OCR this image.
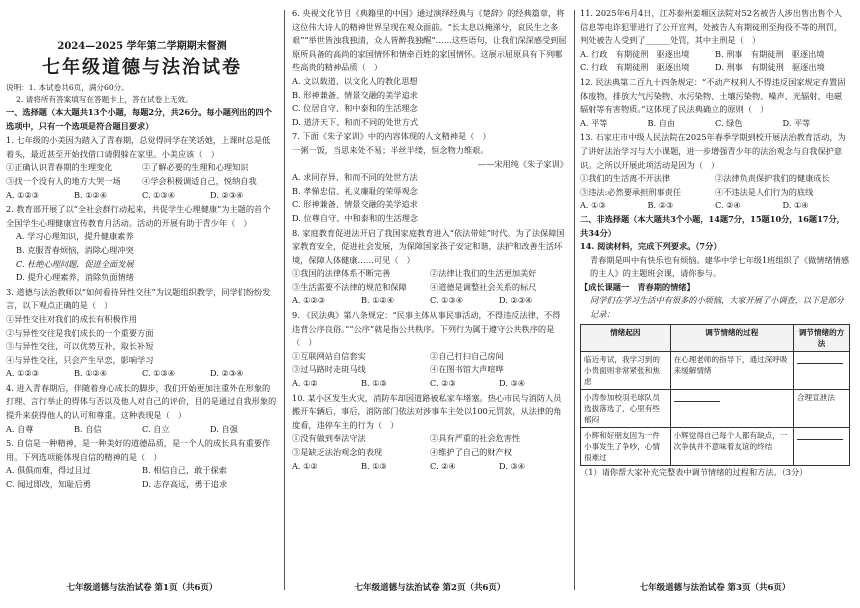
2024—2025 学年第二学期期末督测
七年级道德与法治试卷
说明：1. 本试卷共6页，满分60分。
2. 请将所有答案填写在答题卡上，答在试卷上无效。
一、选择题（本大题共13个小题，每题2分，共26分。每小题列出的四个选项中，只有一个选项是符合题目要求）
1. 七年级的小美因为踏入了青春期，总觉得同学在笑话她，上课时总是低着头，最近甚至开始找借口请假躲在家里。小美应该（　）
①正确认识青春期的生理变化	②了解必要的生理和心理知识
③找一个没有人的地方大哭一场	④学会积极调适自己，悦纳自我
A. ①②③	B. ①②④	C. ①③④	D. ②③④
2. 教育部开展了以“全社会群行动起来，共促学生心理健康”为主题的首个全国学生心理健康宣传教育月活动。活动的开展有助于青少年（　）
A. 学习心理知识，提升健康素养
B. 克服青春烦恼，消除心理冲突
C. 杜绝心理问题，促进全面发展
D. 提升心理素养，消除负面情绪
3. 道德与法治教师以“如何看待异性交往”为议题组织教学，同学们纷纷发言，以下观点正确的是（　）
①异性交往对我们的成长有积极作用
②与异性交往是我们成长的一个重要方面
③与异性交往，可以优势互补，取长补短
④与异性交往，只会产生早恋，影响学习
A. ①②③	B. ①②④	C. ①③④	D. ②③④
4. 进入青春期后，伴随着身心成长的脚步，我们开始更加注重外在形象的打理、言行举止的得体与否以及他人对自己的评价，目的是通过自我形象的提升来获得他人的认可和尊重。这种表现是（　）
A. 自尊	B. 自信	C. 自立	D. 自强
5. 自信是一种精神，是一种美好的道德品质，是一个人的成长具有重要作用。下列选项能体现自信的精神的是（　）
A. 俱俱而难，得过且过	B. 相信自己，敢于探索
C. 闻过即改，知耻后勇	D. 志存高远，勇于追求
七年级道德与法治试卷 第1页（共6页）
6. 央视文化节目《典籍里的中国》通过演绎经典与《楚辞》的经典篇章，将这位伟大诗人的精神世界呈现在观众面前。“长太息以掩涕兮，哀民生之多艰”“举世皆浊我独清，众人皆醉我独醒”……这些语句，让我们深深感受到屈原所具备的高尚的家国情怀和情牵百姓的家国情怀。这展示屈原具有下列哪些高贵的精神品质（　）
A. 文以载道、以文化人的教化思想
B. 形神兼备、情景交融的美学追求
C. 位居自守、和中泰和的生活理念
D. 道济天下、和而不同的处世方式
7. 下面《朱子家训》中的内容体现的人文精神是（　）
一粥一饭，当思来处不易；半丝半缕，恒念物力维艰。
——宋用纯《朱子家训》
A. 求同存异、和而不同的处世方法
B. 孝悌忠信、礼义廉耻的荣辱观念
C. 形神兼备、情景交融的美学追求
D. 位尊自守、中和泰和的生活理念
8. 家庭教育促进法开启了我国家庭教育进入“依法带娃”时代。为了法保障国家教育安全，促进社会发展，为保障国家孩子安定和谐，法护和改善生活环境，保障人体健康……可见（　）
①我国的法律体系不断完善	②法律让我们的生活更加美好
③生活需要不法律的规范和保障	④道德是调整社会关系的标尺
A. ①②③	B. ①②④	C. ①③④	D. ②③④
9. 《民法典》第八条规定：“民事主体从事民事活动，不得违反法律，不得违背公序良俗。”“公序”就是指公共秩序。下列行为属于遵守公共秩序的是（　）
①互联网站自信套实	②自己打扫自己房间
③过马路时走斑马线	④在图书馆大声喧哗
A. ①②	B. ①③	C. ②③	D. ③④
10. 某小区发生火灾，消防车却因道路被私家车堵塞。热心市民与消防人员搬开车辆后，事后，消防部门依法对涉事车主处以100元罚款，从法律的角度看，违停车主的行为（　）
①没有做到奉法守法	②具有严重的社会危害性
③是缺乏法治观念的表现	④维护了自己的财产权
A. ①②	B. ①③	C. ②④	D. ③④
七年级道德与法治试卷 第2页（共6页）
11. 2025年6月4日，江苏泰州姜堰区法院对52名被告人涉出售出售个人信息等电诈犯罪进行了公开宣判，处被告人有期徒刑至拘役不等的刑罚，判处被告人受到了______处罚，其中主刑是（　）
A. 行政　有期徒刑　驱逐出境	B. 刑事　有期徒刑　驱逐出境
C. 行政　有期徒刑　驱逐出境	D. 刑事　有期徒刑　驱逐出境
12. 民法典第二百九十四条规定：“不动产权利人不得违反国家规定弃置固体废物，排放大气污染物、水污染物、土壤污染物、噪声、光辐射、电磁辐射等有害物质。”这体现了民法典确立的原则（　）
A. 平等	B. 自由	C. 绿色	D. 平等
13. 石家庄市中级人民法院在2025年春季学期到校开展法治教育活动，为了讲好法治学习与大小课题，进一步增强青少年的法治观念与自我保护意识。之所以开展此项活动是因为（　）
①我们的生活离不开法律	②法律负责保护我们的健康成长
③违法:必然要承担刑事责任	④不违法是人们行为的底线
A. ①③	B. ②③	C. ②④	D. ①④
二、非选择题（本大题共3个小题，14题7分，15题10分，16题17分，共34分）
14. 阅读材料，完成下列要求。（7分）
青春期是叫中有快乐也有烦恼。建华中学七年级1班组织了《做情绪情感的主人》的主题班会课，请你参与。
【成长课题一　青春期的情绪】
同学们在学习生活中有很多的小烦恼，大家开展了小调查，以下是部分记录：
情绪起因	调节情绪的过程	调节情绪的方法
临近考试，我学习到的小贵面则非常紧张和焦虑	在心理老师的指导下，通过深呼吸来缓解情绪	
小涛参加校羽毛球队员选拔落选了，心里有些郁闷		合理宣泄法
小辉和好朋友因为一件小事发生了争吵，心情很难过	小辉觉得自己每个人都有缺点，一次争执并不意味着友谊的终结	
（1）请你帮大家补充完整表中调节情绪的过程和方法。（3分）
七年级道德与法治试卷 第3页（共6页）
